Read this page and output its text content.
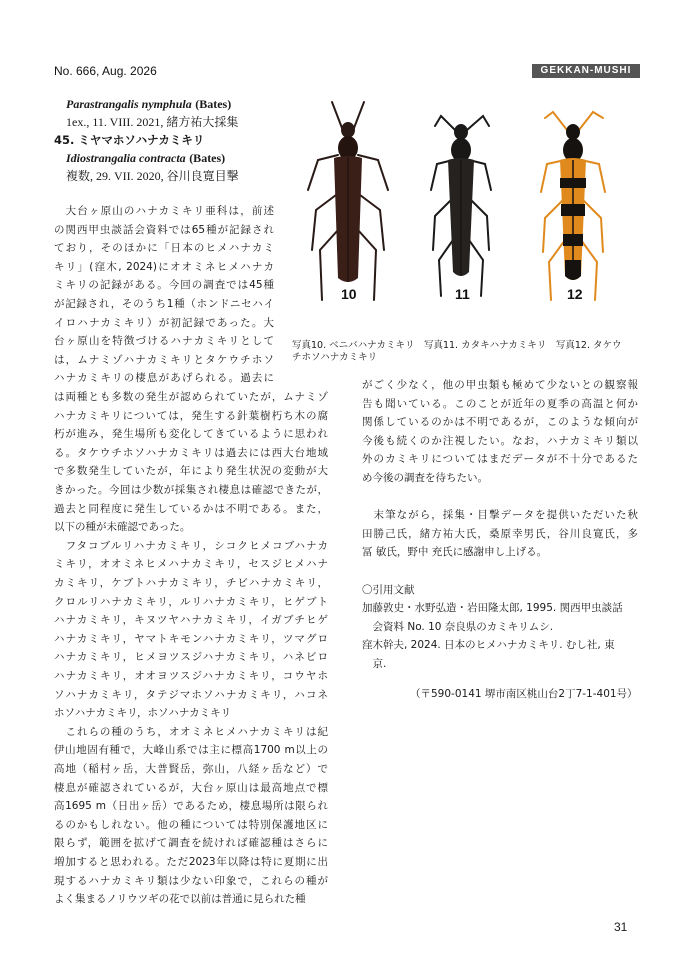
No. 666, Aug. 2026	GEKKAN-MUSHI
Parastrangalis nymphula (Bates)
1ex., 11. VIII. 2021, 緒方祐大採集
45. ミヤマホソハナカミキリ
Idiostrangalia contracta (Bates)
複数, 29. VII. 2020, 谷川良寛目撃
10	11	12
写真10. ベニバハナカミキリ　写真11. カタキハナカミキリ　写真12. タケウ
チホソハナカミキリ
　大台ヶ原山のハナカミキリ亜科は，前述
の関西甲虫談話会資料では65種が記録され
ており，そのほかに「日本のヒメハナカミ
キリ」(窪木, 2024)にオオミネヒメハナカ
ミキリの記録がある。今回の調査では45種
が記録され，そのうち1種（ホンドニセハイ
イロハナカミキリ）が初記録であった。大
台ヶ原山を特徴づけるハナカミキリとして
は，ムナミゾハナカミキリとタケウチホソ
ハナカミキリの棲息があげられる。過去に
は両種とも多数の発生が認められていたが，ムナミゾ
ハナカミキリについては，発生する針葉樹朽ち木の腐
朽が進み，発生場所も変化してきているように思われ
る。タケウチホソハナカミキリは過去には西大台地域
で多数発生していたが，年により発生状況の変動が大
きかった。今回は少数が採集され棲息は確認できたが，
過去と同程度に発生しているかは不明である。また，
以下の種が未確認であった。
　フタコブルリハナカミキリ，シコクヒメコブハナカ
ミキリ，オオミネヒメハナカミキリ，セスジヒメハナ
カミキリ，ケブトハナカミキリ，チビハナカミキリ，
クロルリハナカミキリ，ルリハナカミキリ，ヒゲブト
ハナカミキリ，キヌツヤハナカミキリ，イガブチヒゲ
ハナカミキリ，ヤマトキモンハナカミキリ，ツマグロ
ハナカミキリ，ヒメヨツスジハナカミキリ，ハネビロ
ハナカミキリ，オオヨツスジハナカミキリ，コウヤホ
ソハナカミキリ，タテジマホソハナカミキリ，ハコネ
ホソハナカミキリ，ホソハナカミキリ
　これらの種のうち，オオミネヒメハナカミキリは紀
伊山地固有種で，大峰山系では主に標高1700 m以上の
高地（稲村ヶ岳，大普賢岳，弥山，八経ヶ岳など）で
棲息が確認されているが，大台ヶ原山は最高地点で標
高1695 m（日出ヶ岳）であるため，棲息場所は限られ
るのかもしれない。他の種については特別保護地区に
限らず，範囲を拡げて調査を続ければ確認種はさらに
増加すると思われる。ただ2023年以降は特に夏期に出
現するハナカミキリ類は少ない印象で，これらの種が
よく集まるノリウツギの花で以前は普通に見られた種
がごく少なく，他の甲虫類も極めて少ないとの観察報
告も聞いている。このことが近年の夏季の高温と何か
関係しているのかは不明であるが，このような傾向が
今後も続くのか注視したい。なお，ハナカミキリ類以
外のカミキリについてはまだデータが不十分であるた
め今後の調査を待ちたい。
　末筆ながら，採集・目撃データを提供いただいた秋
田勝己氏，緒方祐大氏，桑原幸男氏，谷川良寛氏，多
冨 敏氏，野中 充氏に感謝申し上げる。
〇引用文献
加藤敦史・水野弘造・岩田隆太郎, 1995. 関西甲虫談話
　会資料 No. 10 奈良県のカミキリムシ.
窪木幹夫, 2024. 日本のヒメハナカミキリ. むし社, 東
　京.
（〒590-0141 堺市南区桃山台2丁7-1-401号）
31
